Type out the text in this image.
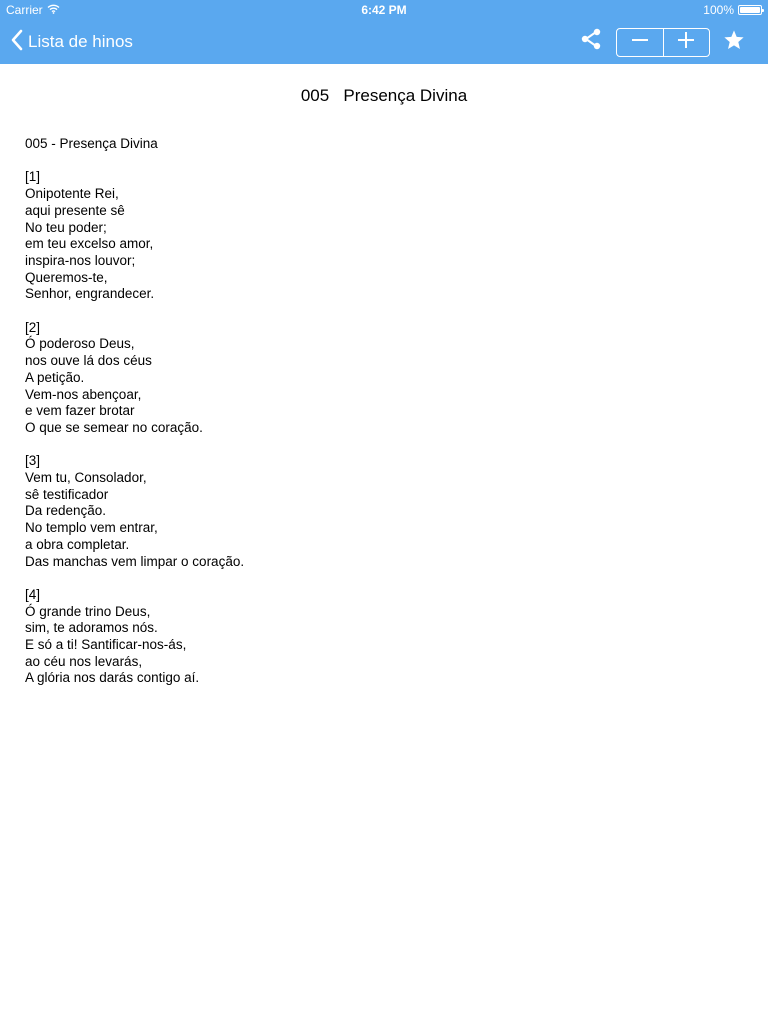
Carrier	6:42 PM	100%
Lista de hinos
005   Presença Divina

005 - Presença Divina

[1]

Onipotente Rei,

aqui presente sê

No teu poder;

em teu excelso amor,

inspira-nos louvor;

Queremos-te,

Senhor, engrandecer.

[2]

Ó poderoso Deus,

nos ouve lá dos céus

A petição.

Vem-nos abençoar,

e vem fazer brotar

O que se semear no coração.

[3]

Vem tu, Consolador,

sê testificador

Da redenção.

No templo vem entrar,

a obra completar.

Das manchas vem limpar o coração.

[4]

Ó grande trino Deus,

sim, te adoramos nós.

E só a ti! Santificar-nos-ás,

ao céu nos levarás,

A glória nos darás contigo aí.
